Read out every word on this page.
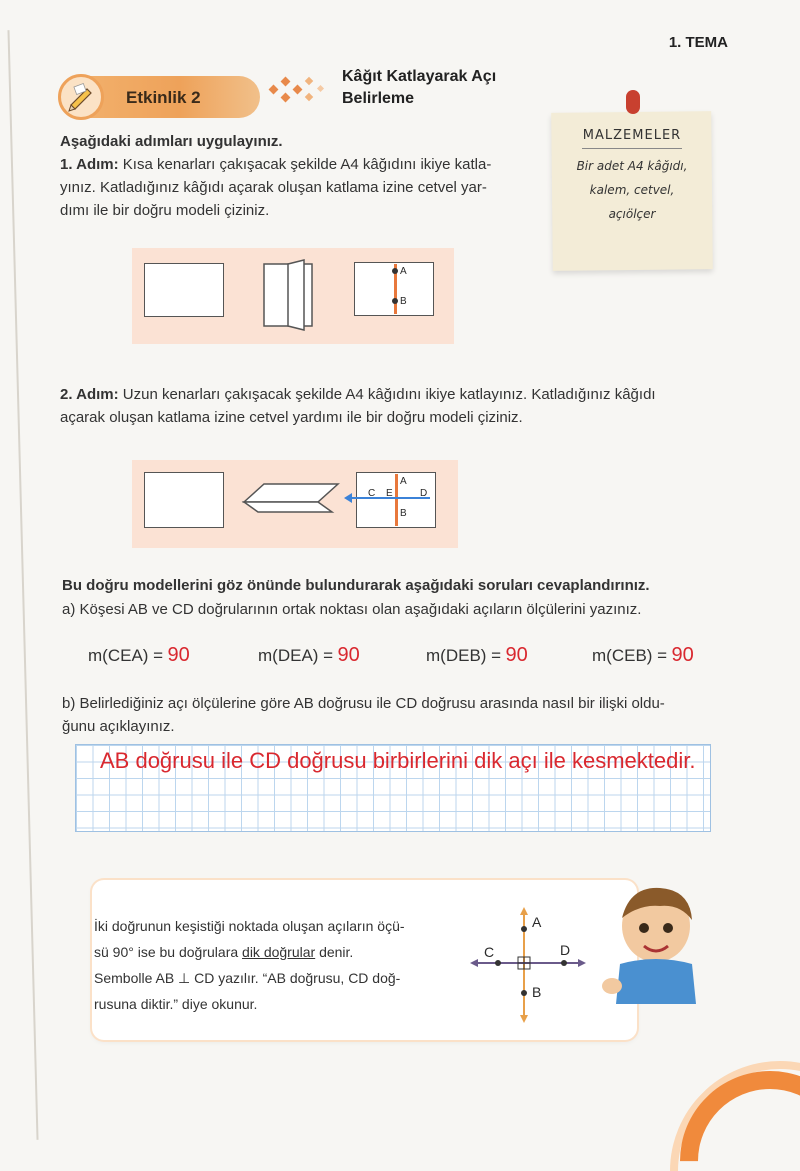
1. TEMA
Etkinlik 2
Kâğıt Katlayarak Açı
Belirleme
MALZEMELER
Bir adet A4 kâğıdı,
kalem, cetvel,
açıölçer
Aşağıdaki adımları uygulayınız.
1. Adım: Kısa kenarları çakışacak şekilde A4 kâğıdını ikiye katla-
yınız. Katladığınız kâğıdı açarak oluşan katlama izine cetvel yar-
dımı ile bir doğru modeli çiziniz.
A
B
2. Adım: Uzun kenarları çakışacak şekilde A4 kâğıdını ikiye katlayınız. Katladığınız kâğıdı
açarak oluşan katlama izine cetvel yardımı ile bir doğru modeli çiziniz.
A
B
C E	D
Bu doğru modellerini göz önünde bulundurarak aşağıdaki soruları cevaplandırınız.
a) Köşesi AB ve CD doğrularının ortak noktası olan aşağıdaki açıların ölçülerini yazınız.
m(CEA) = 90	m(DEA) = 90	m(DEB) = 90	m(CEB) = 90
b) Belirlediğiniz açı ölçülerine göre AB doğrusu ile CD doğrusu arasında nasıl bir ilişki oldu-
ğunu açıklayınız.
AB doğrusu ile CD doğrusu birbirlerini dik açı ile kesmektedir.
İki doğrunun keşistiği noktada oluşan açıların öçü-
sü 90° ise bu doğrulara dik doğrular denir.
Sembolle AB ⊥ CD yazılır. “AB doğrusu, CD doğ-
rusuna diktir.” diye okunur.
A
B
C	D
